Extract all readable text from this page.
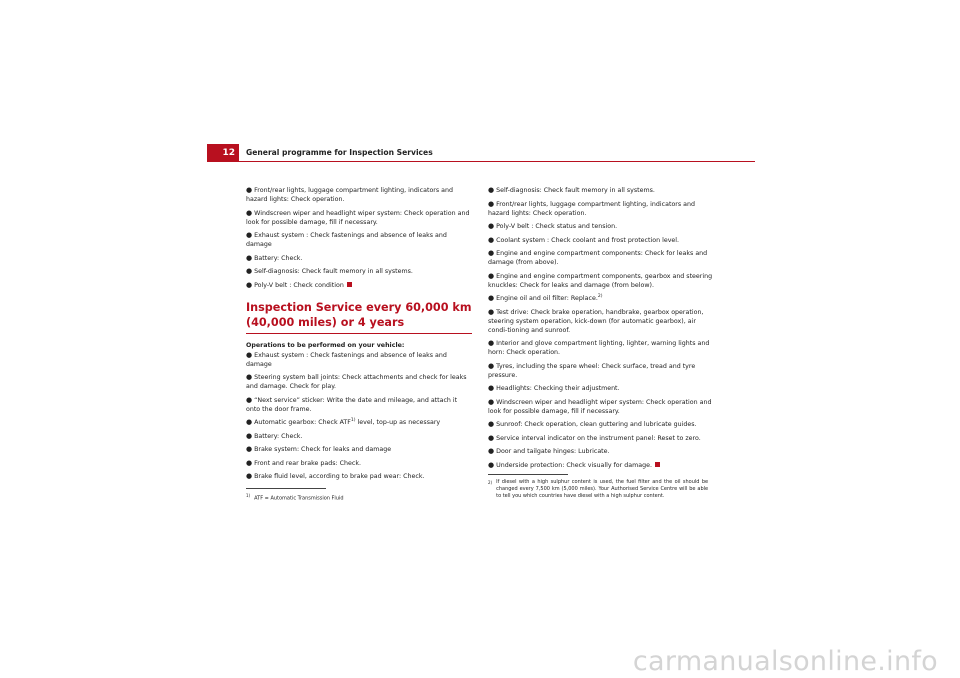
12	General programme for Inspection Services
● Front/rear lights, luggage compartment lighting, indicators and hazard lights: Check operation.
● Windscreen wiper and headlight wiper system: Check operation and look for possible damage, fill if necessary.
● Exhaust system : Check fastenings and absence of leaks and damage
● Battery: Check.
● Self-diagnosis: Check fault memory in all systems.
● Poly-V belt : Check condition
Inspection Service every 60,000 km (40,000 miles) or 4 years
Operations to be performed on your vehicle:
● Exhaust system : Check fastenings and absence of leaks and damage
● Steering system ball joints: Check attachments and check for leaks and damage. Check for play.
● “Next service” sticker: Write the date and mileage, and attach it onto the door frame.
● Automatic gearbox: Check ATF$^{1)}$ level, top-up as necessary
● Battery: Check.
● Brake system: Check for leaks and damage
● Front and rear brake pads: Check.
● Brake fluid level, according to brake pad wear: Check.
● Self-diagnosis: Check fault memory in all systems.
● Front/rear lights, luggage compartment lighting, indicators and hazard lights: Check operation.
● Poly-V belt : Check status and tension.
● Coolant system : Check coolant and frost protection level.
● Engine and engine compartment components: Check for leaks and damage (from above).
● Engine and engine compartment components, gearbox and steering knuckles: Check for leaks and damage (from below).
● Engine oil and oil filter: Replace.$^{2)}$
● Test drive: Check brake operation, handbrake, gearbox operation, steering system operation, kick-down (for automatic gearbox), air condi-tioning and sunroof.
● Interior and glove compartment lighting, lighter, warning lights and horn: Check operation.
● Tyres, including the spare wheel: Check surface, tread and tyre pressure.
● Headlights: Checking their adjustment.
● Windscreen wiper and headlight wiper system: Check operation and look for possible damage, fill if necessary.
● Sunroof: Check operation, clean guttering and lubricate guides.
● Service interval indicator on the instrument panel: Reset to zero.
● Door and tailgate hinges: Lubricate.
● Underside protection: Check visually for damage.
$^{1)}$ATF = Automatic Transmission Fluid
$^{2)}$ If diesel with a high sulphur content is used, the fuel filter and the oil should be changed every 7,500 km (5,000 miles). Your Authorised Service Centre will be able to tell you which countries have diesel with a high sulphur content.
carmanualsonline.info
